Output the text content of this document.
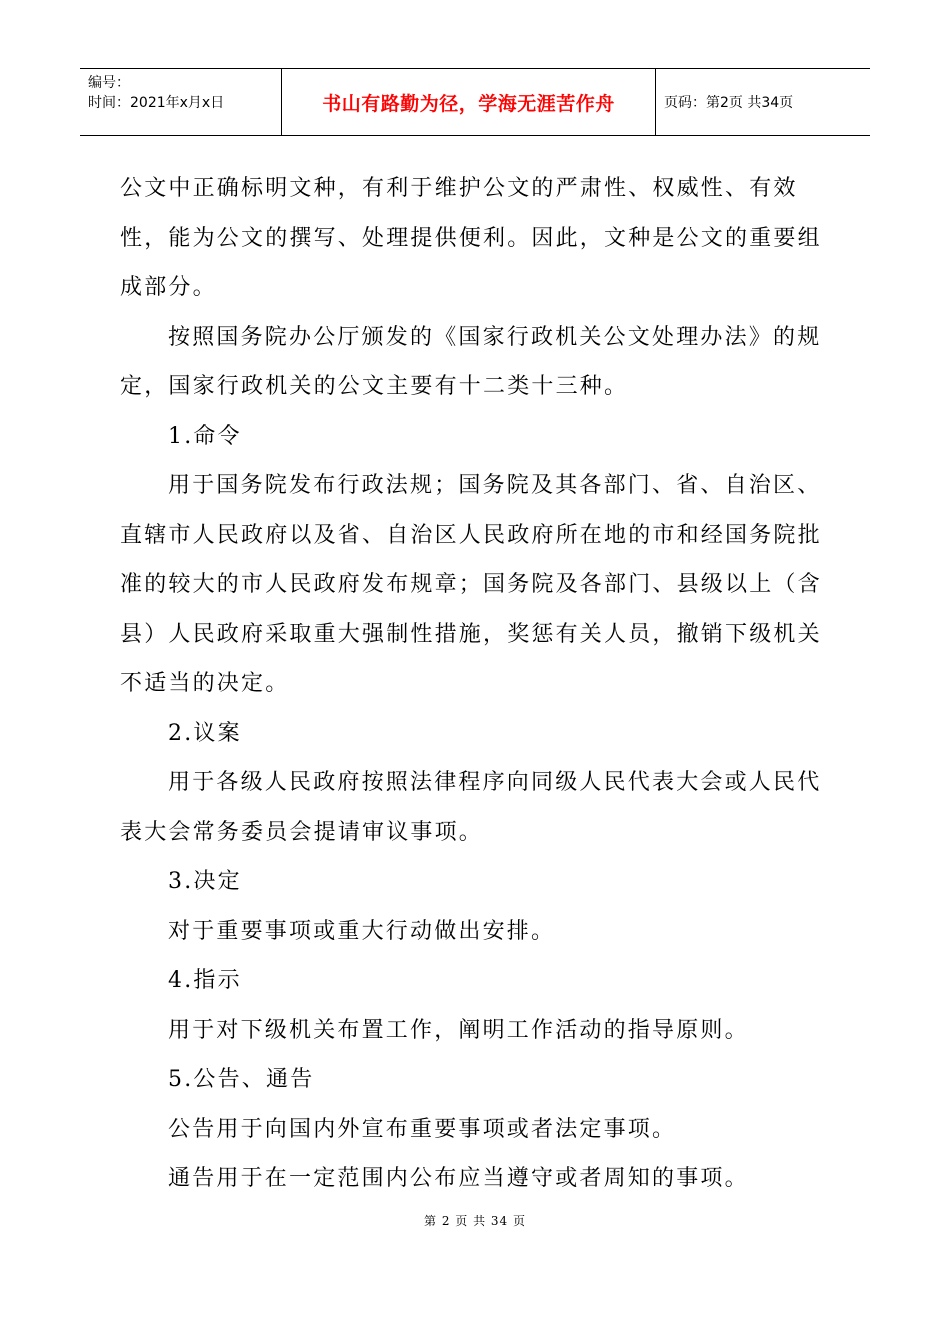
编号：
时间：2021年x月x日	书山有路勤为径，学海无涯苦作舟	页码：第2页 共34页

公文中正确标明文种，有利于维护公文的严肃性、权威性、有效性，能为公文的撰写、处理提供便利。因此，文种是公文的重要组成部分。

按照国务院办公厅颁发的《国家行政机关公文处理办法》的规定，国家行政机关的公文主要有十二类十三种。

1.命令

用于国务院发布行政法规；国务院及其各部门、省、自治区、直辖市人民政府以及省、自治区人民政府所在地的市和经国务院批准的较大的市人民政府发布规章；国务院及各部门、县级以上（含县）人民政府采取重大强制性措施，奖惩有关人员，撤销下级机关不适当的决定。

2.议案

用于各级人民政府按照法律程序向同级人民代表大会或人民代表大会常务委员会提请审议事项。

3.决定

对于重要事项或重大行动做出安排。

4.指示

用于对下级机关布置工作，阐明工作活动的指导原则。

5.公告、通告

公告用于向国内外宣布重要事项或者法定事项。

通告用于在一定范围内公布应当遵守或者周知的事项。

第 2 页 共 34 页
